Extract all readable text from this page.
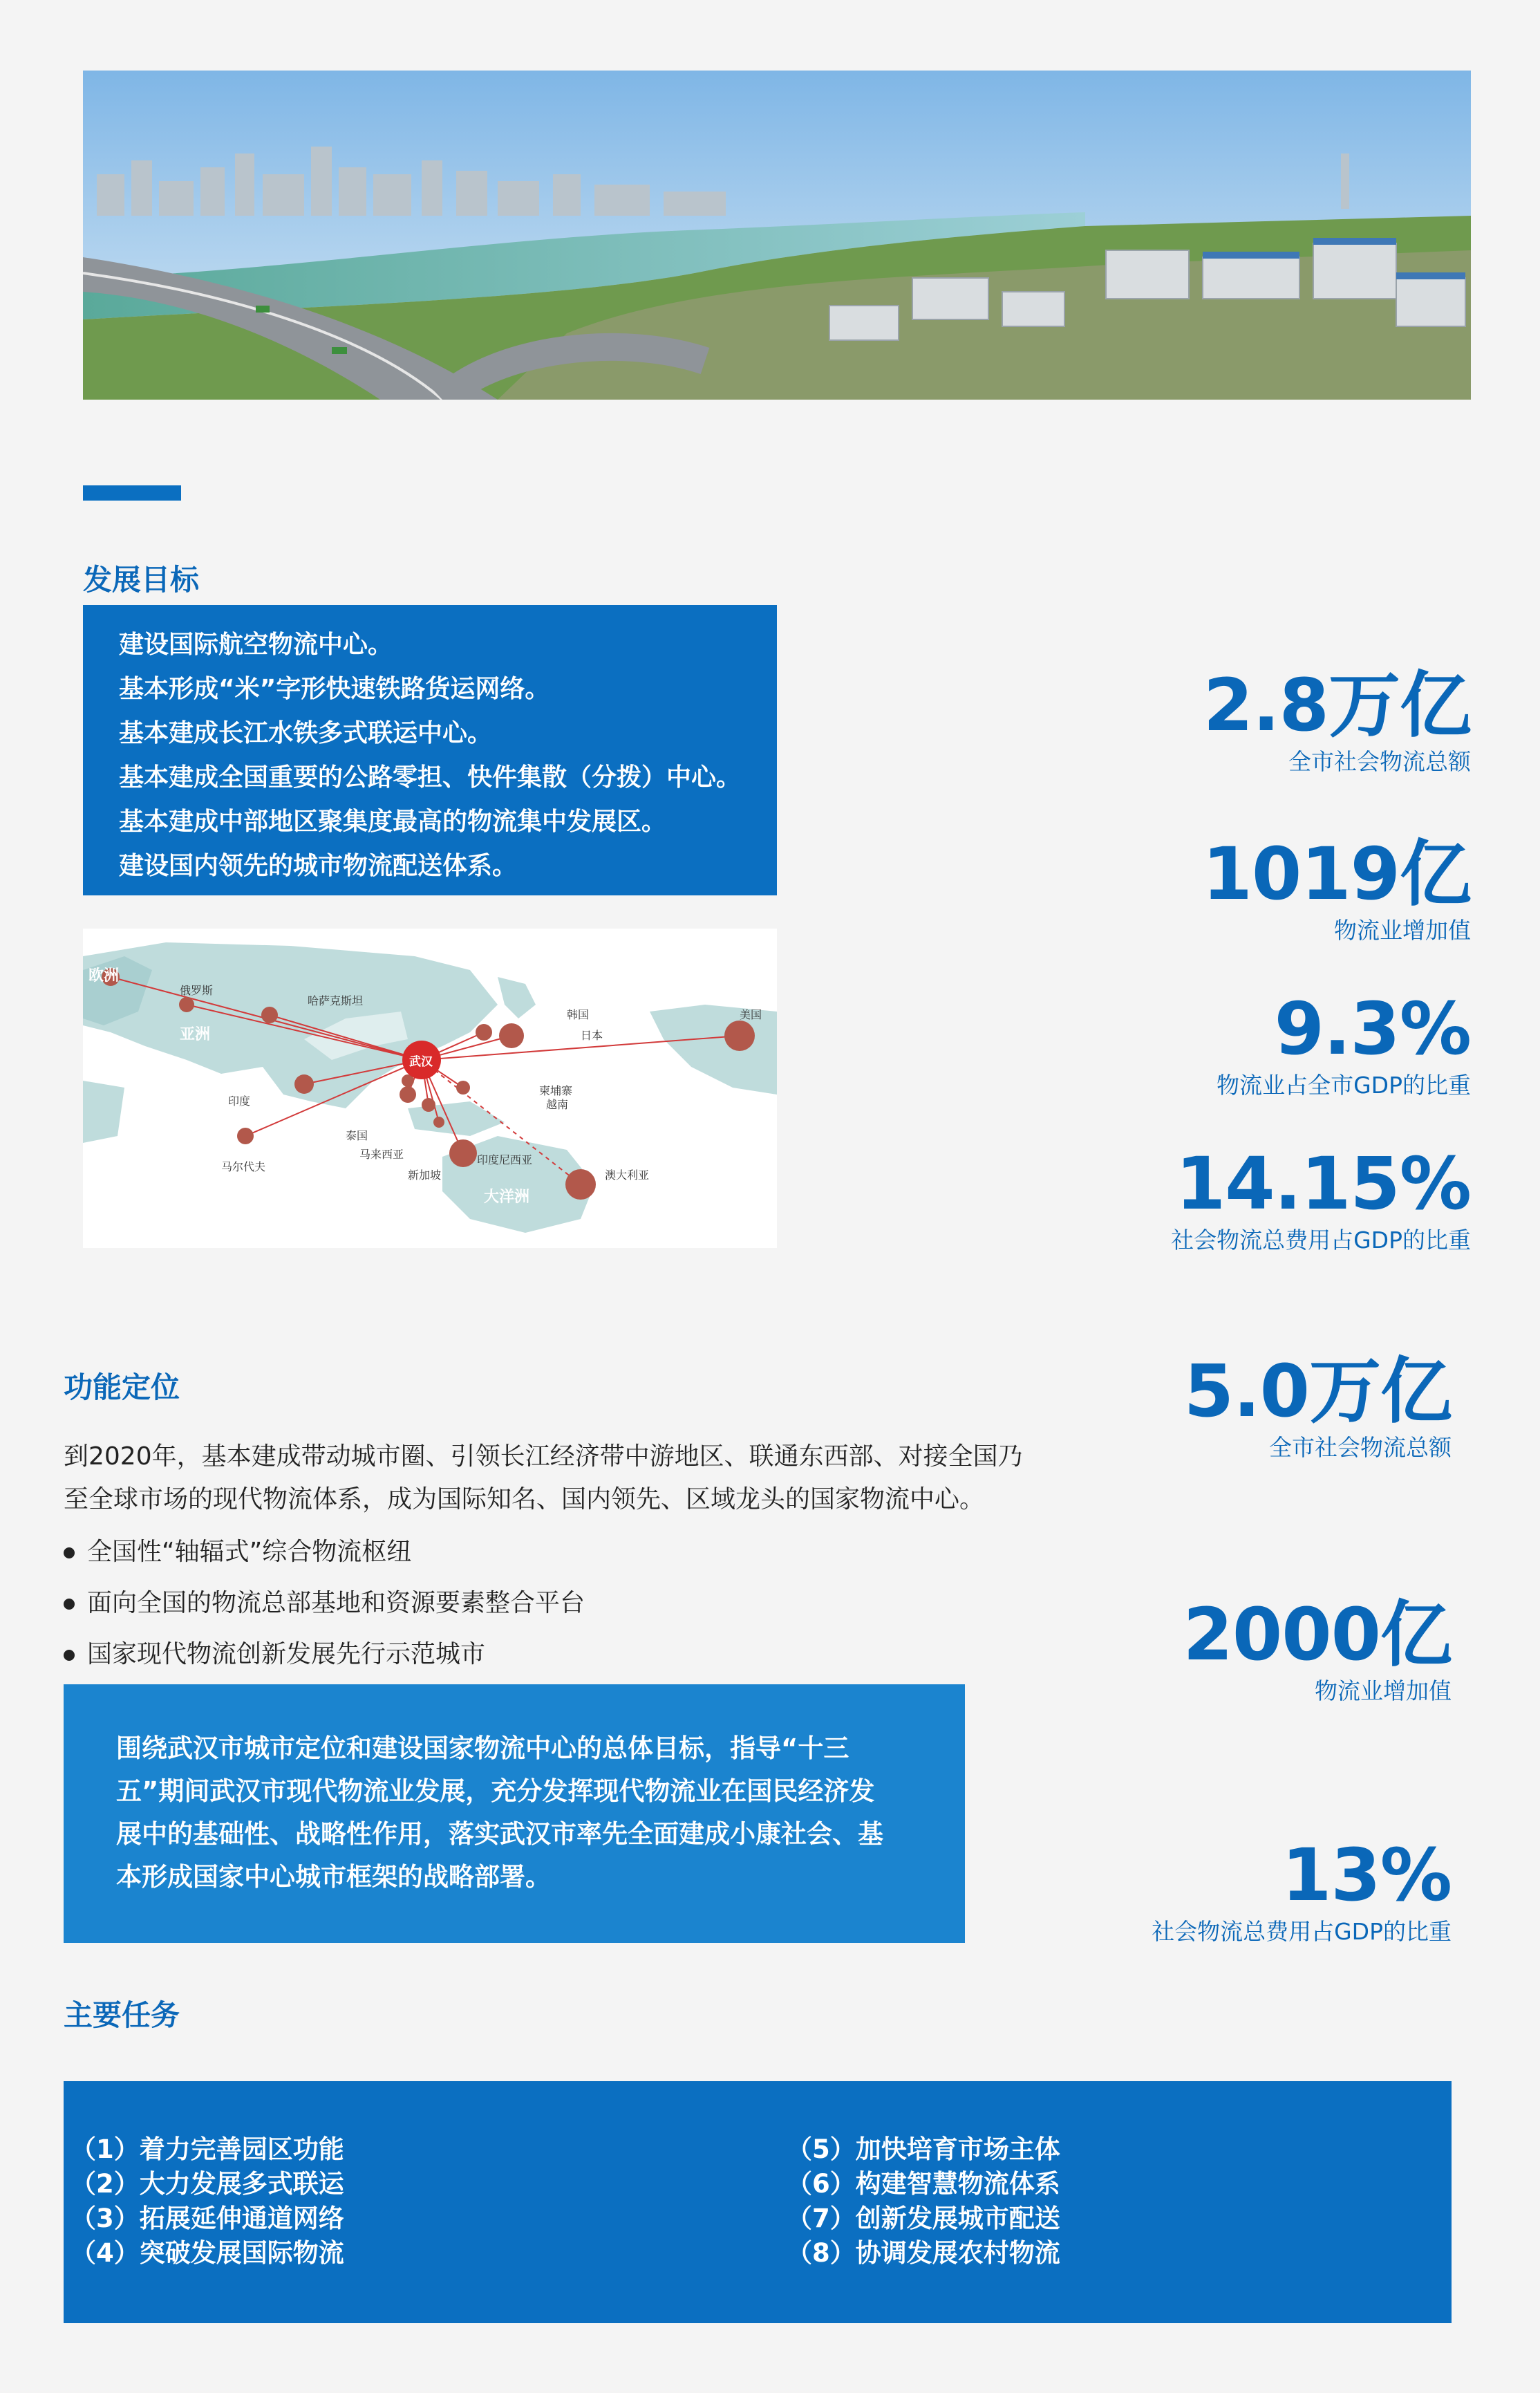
发展目标
建设国际航空物流中心。
基本形成“米”字形快速铁路货运网络。
基本建成长江水铁多式联运中心。
基本建成全国重要的公路零担、快件集散（分拨）中心。
基本建成中部地区聚集度最高的物流集中发展区。
建设国内领先的城市物流配送体系。
2.8万亿
全市社会物流总额
1019亿
物流业增加值
9.3%
物流业占全市GDP的比重
14.15%
社会物流总费用占GDP的比重
欧洲
亚洲
大洋洲
武汉
俄罗斯
哈萨克斯坦
韩国
日本
美国
印度
柬埔寨
越南
泰国
马来西亚
马尔代夫
新加坡
印度尼西亚
澳大利亚
功能定位
到2020年，基本建成带动城市圈、引领长江经济带中游地区、联通东西部、对接全国乃
至全球市场的现代物流体系，成为国际知名、国内领先、区域龙头的国家物流中心。
全国性“轴辐式”综合物流枢纽
面向全国的物流总部基地和资源要素整合平台
国家现代物流创新发展先行示范城市

围绕武汉市城市定位和建设国家物流中心的总体目标，指导“十三
五”期间武汉市现代物流业发展，充分发挥现代物流业在国民经济发
展中的基础性、战略性作用，落实武汉市率先全面建成小康社会、基
本形成国家中心城市框架的战略部署。

5.0万亿
全市社会物流总额
2000亿
物流业增加值
13%
社会物流总费用占GDP的比重
主要任务
（1）着力完善园区功能
（2）大力发展多式联运
（3）拓展延伸通道网络
（4）突破发展国际物流
（5）加快培育市场主体
（6）构建智慧物流体系
（7）创新发展城市配送
（8）协调发展农村物流
